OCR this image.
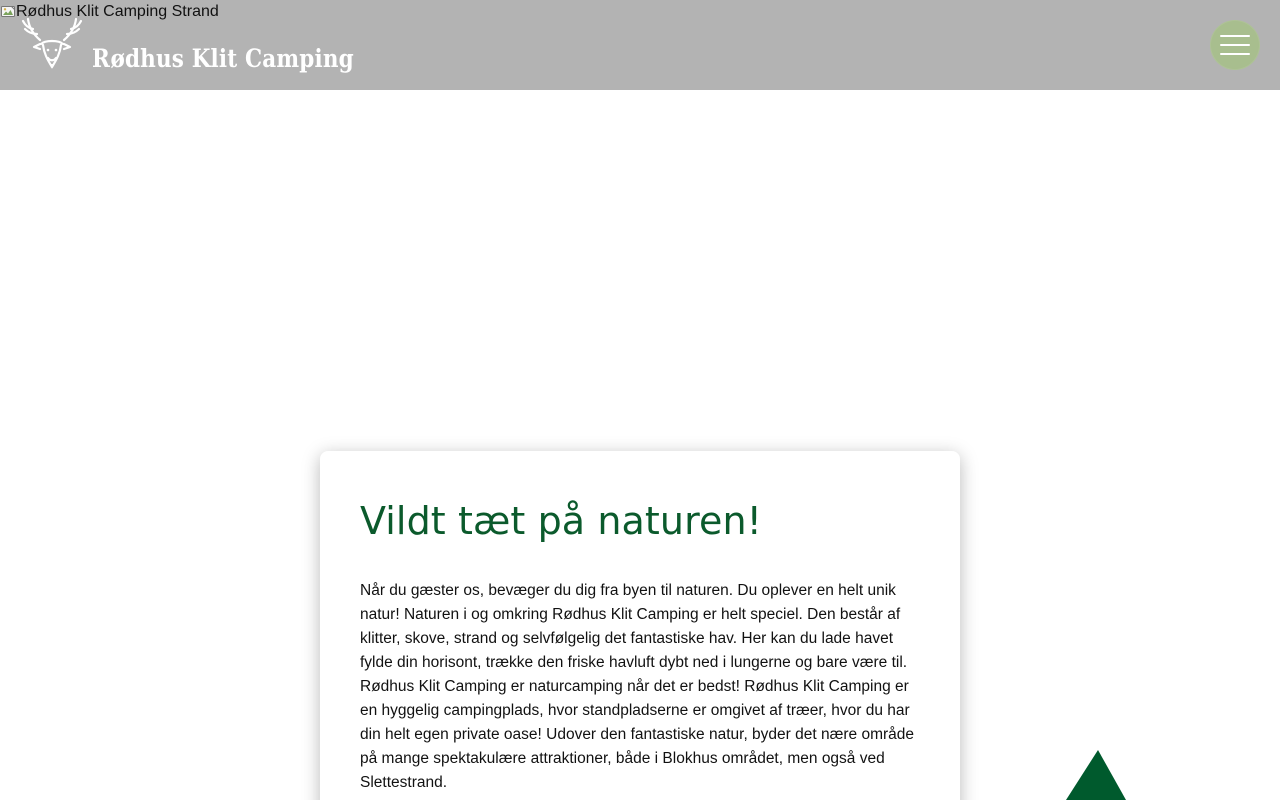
Rødhus Klit Camping Strand
Rødhus Klit Camping
Vildt tæt på naturen!

Når du gæster os, bevæger du dig fra byen til naturen. Du oplever en helt unik natur! Naturen i og omkring Rødhus Klit Camping er helt speciel. Den består af klitter, skove, strand og selvfølgelig det fantastiske hav. Her kan du lade havet fylde din horisont, trække den friske havluft dybt ned i lungerne og bare være til. Rødhus Klit Camping er naturcamping når det er bedst! Rødhus Klit Camping er en hyggelig campingplads, hvor standpladserne er omgivet af træer, hvor du har din helt egen private oase! Udover den fantastiske natur, byder det nære område på mange spektakulære attraktioner, både i Blokhus området, men også ved Slettestrand.
